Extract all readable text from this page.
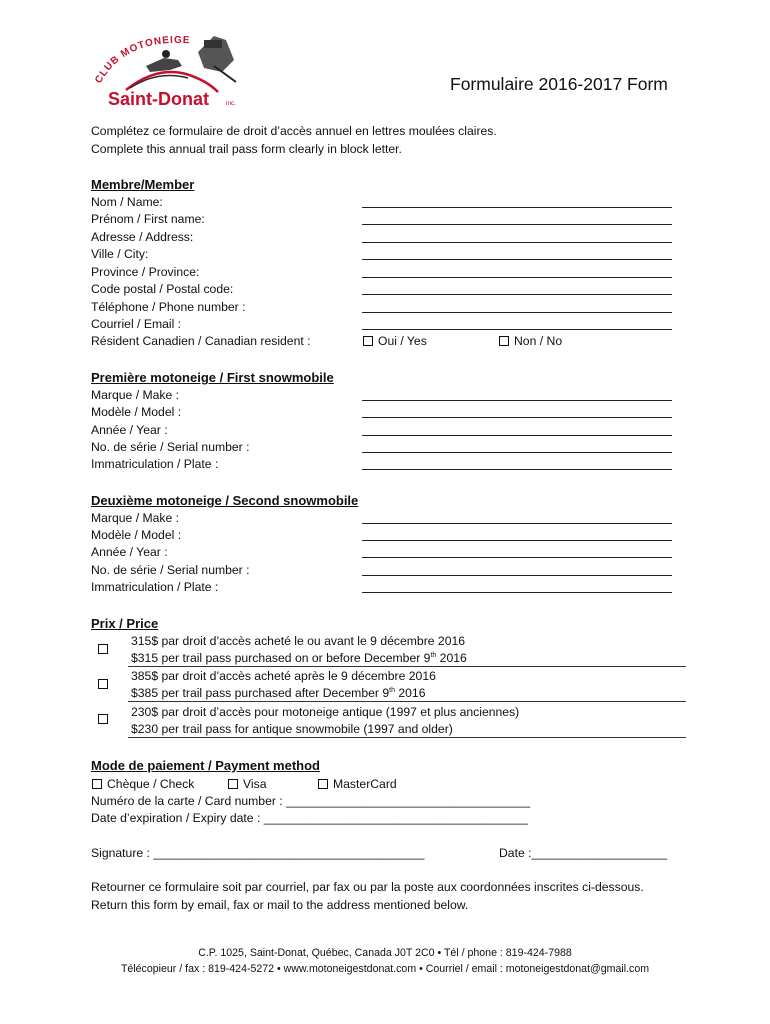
CLUB MOTONEIGE
Saint-Donat	inc.
Formulaire 2016-2017 Form
Complétez ce formulaire de droit d’accès annuel en lettres moulées claires.
Complete this annual trail pass form clearly in block letter.
Membre/Member
Nom / Name:
Prénom / First name:
Adresse / Address:
Ville / City:
Province / Province:
Code postal / Postal code:
Téléphone / Phone number :
Courriel / Email :
Résident Canadien / Canadian resident :	Oui / Yes	Non / No
Première motoneige / First snowmobile
Marque / Make :
Modèle / Model :
Année / Year :
No. de série / Serial number :
Immatriculation / Plate :
Deuxième motoneige / Second snowmobile
Marque / Make :
Modèle / Model :
Année / Year :
No. de série / Serial number :
Immatriculation / Plate :
Prix / Price
315$ par droit d’accès acheté le ou avant le 9 décembre 2016
$315 per trail pass purchased on or before December 9th 2016
385$ par droit d’accès acheté après le 9 décembre 2016
$385 per trail pass purchased after December 9th 2016
230$ par droit d’accès pour motoneige antique (1997 et plus anciennes)
$230 per trail pass for antique snowmobile (1997 and older)
Mode de paiement / Payment method
Chèque / Check	Visa	MasterCard
Numéro de la carte / Card number : ____________________________________
Date d’expiration / Expiry date : _______________________________________
Signature : ________________________________________	Date :____________________
Retourner ce formulaire soit par courriel, par fax ou par la poste aux coordonnées inscrites ci-dessous.
Return this form by email, fax or mail to the address mentioned below.
C.P. 1025, Saint-Donat, Québec, Canada J0T 2C0 • Tél / phone : 819-424-7988
Télécopieur / fax : 819-424-5272 • www.motoneigestdonat.com • Courriel / email : motoneigestdonat@gmail.com
